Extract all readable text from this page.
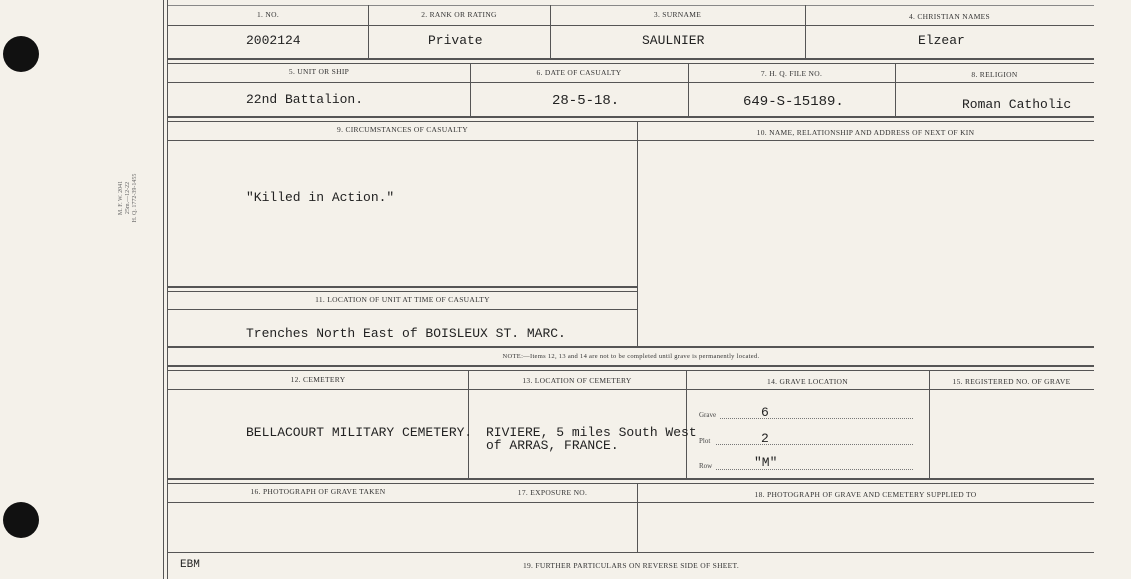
M. F. W. 2041 25m.—12-22 H. Q. 1772-39-1455
1. NO.
2002124
2. RANK OR RATING
Private
3. SURNAME
SAULNIER
4. CHRISTIAN NAMES
Elzear
5. UNIT OR SHIP
22nd Battalion.
6. DATE OF CASUALTY
28-5-18.
7. H. Q. FILE NO.
649-S-15189.
8. RELIGION
Roman Catholic
9. CIRCUMSTANCES OF CASUALTY
"Killed in Action."
10. NAME, RELATIONSHIP AND ADDRESS OF NEXT OF KIN
11. LOCATION OF UNIT AT TIME OF CASUALTY
Trenches North East of BOISLEUX ST. MARC.
NOTE:—Items 12, 13 and 14 are not to be completed until grave is permanently located.
12. CEMETERY
BELLACOURT MILITARY CEMETERY.
13. LOCATION OF CEMETERY
RIVIERE, 5 miles South West
of ARRAS, FRANCE.
14. GRAVE LOCATION
Grave	6
Plot	2
Row	"M"
15. REGISTERED NO. OF GRAVE
16. PHOTOGRAPH OF GRAVE TAKEN	17. EXPOSURE NO.	18. PHOTOGRAPH OF GRAVE AND CEMETERY SUPPLIED TO
19. FURTHER PARTICULARS ON REVERSE SIDE OF SHEET.
EBM
